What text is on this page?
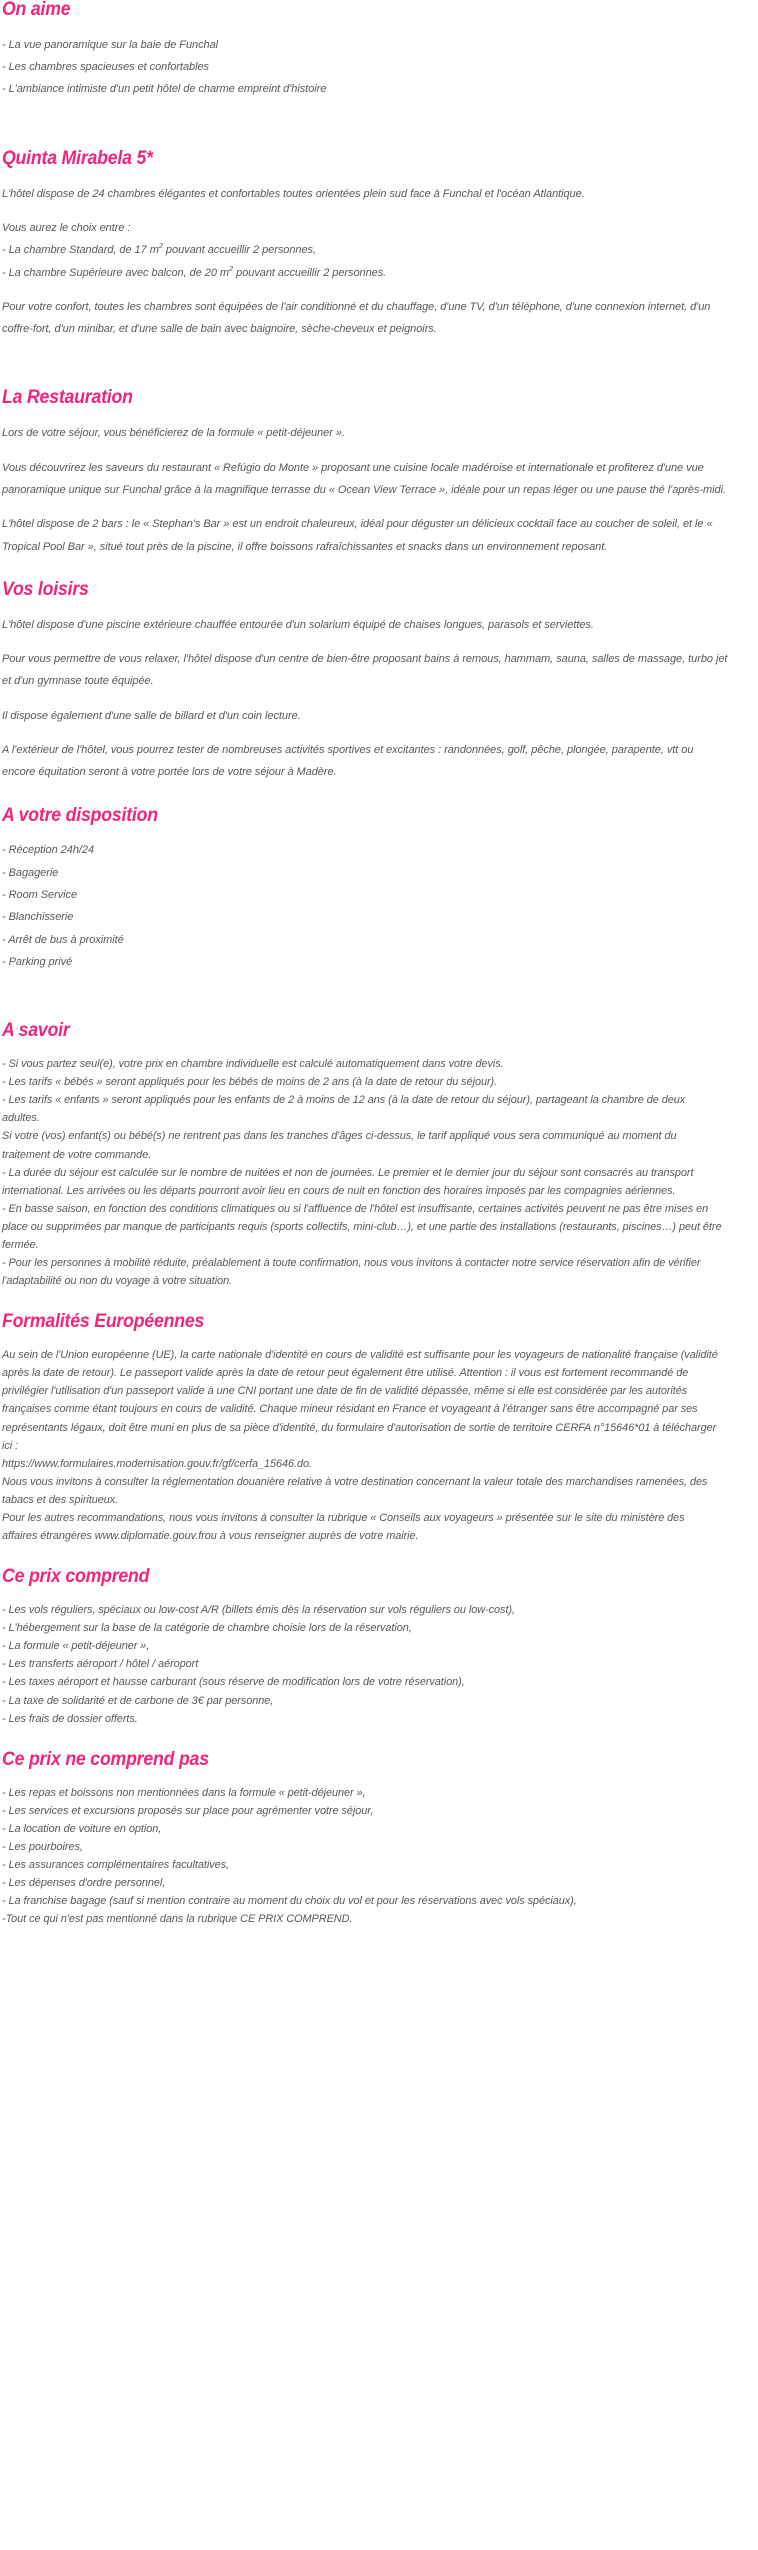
On aime
- La vue panoramique sur la baie de Funchal
- Les chambres spacieuses et confortables
- L'ambiance intimiste d'un petit hôtel de charme empreint d'histoire
Quinta Mirabela 5*
L'hôtel dispose de 24 chambres élégantes et confortables toutes orientées plein sud face à Funchal et l'océan Atlantique.
Vous aurez le choix entre :
- La chambre Standard, de 17 $m^2$ pouvant accueillir 2 personnes,
- La chambre Supérieure avec balcon, de 20 $m^2$ pouvant accueillir 2 personnes.
Pour votre confort, toutes les chambres sont équipées de l'air conditionné et du chauffage, d'une TV, d'un téléphone, d'une connexion internet, d'un coffre-fort, d'un minibar, et d'une salle de bain avec baignoire, sèche-cheveux et peignoirs.
La Restauration
Lors de votre séjour, vous bénéficierez de la formule « petit-déjeuner ».
Vous découvrirez les saveurs du restaurant « Refúgio do Monte » proposant une cuisine locale madéroise et internationale et profiterez d'une vue panoramique unique sur Funchal grâce à la magnifique terrasse du « Ocean View Terrace », idéale pour un repas léger ou une pause thé l'après-midi.
L'hôtel dispose de 2 bars : le « Stephan's Bar » est un endroit chaleureux, idéal pour déguster un délicieux cocktail face au coucher de soleil, et le « Tropical Pool Bar », situé tout près de la piscine, il offre boissons rafraîchissantes et snacks dans un environnement reposant.
Vos loisirs
L'hôtel dispose d'une piscine extérieure chauffée entourée d'un solarium équipé de chaises longues, parasols et serviettes.
Pour vous permettre de vous relaxer, l'hôtel dispose d'un centre de bien-être proposant bains à remous, hammam, sauna, salles de massage, turbo jet et d'un gymnase toute équipée.
Il dispose également d'une salle de billard et d'un coin lecture.
A l'extérieur de l'hôtel, vous pourrez tester de nombreuses activités sportives et excitantes : randonnées, golf, pêche, plongée, parapente, vtt ou encore équitation seront à votre portée lors de votre séjour à Madère.
A votre disposition
- Réception 24h/24
- Bagagerie
- Room Service
- Blanchisserie
- Arrêt de bus à proximité
- Parking privé
A savoir
- Si vous partez seul(e), votre prix en chambre individuelle est calculé automatiquement dans votre devis.
- Les tarifs « bébés » seront appliqués pour les bébés de moins de 2 ans (à la date de retour du séjour).
- Les tarifs « enfants » seront appliqués pour les enfants de 2 à moins de 12 ans (à la date de retour du séjour), partageant la chambre de deux adultes.
Si votre (vos) enfant(s) ou bébé(s) ne rentrent pas dans les tranches d'âges ci-dessus, le tarif appliqué vous sera communiqué au moment du traitement de votre commande.
- La durée du séjour est calculée sur le nombre de nuitées et non de journées. Le premier et le dernier jour du séjour sont consacrés au transport international. Les arrivées ou les départs pourront avoir lieu en cours de nuit en fonction des horaires imposés par les compagnies aériennes.
- En basse saison, en fonction des conditions climatiques ou si l'affluence de l'hôtel est insuffisante, certaines activités peuvent ne pas être mises en place ou supprimées par manque de participants requis (sports collectifs, mini-club…), et une partie des installations (restaurants, piscines…) peut être fermée.
- Pour les personnes à mobilité réduite, préalablement à toute confirmation, nous vous invitons à contacter notre service réservation afin de vérifier l'adaptabilité ou non du voyage à votre situation.
Formalités Européennes
Au sein de l'Union européenne (UE), la carte nationale d'identité en cours de validité est suffisante pour les voyageurs de nationalité française (validité après la date de retour). Le passeport valide après la date de retour peut également être utilisé. Attention : il vous est fortement recommandé de privilégier l'utilisation d'un passeport valide à une CNI portant une date de fin de validité dépassée, même si elle est considérée par les autorités françaises comme étant toujours en cours de validité. Chaque mineur résidant en France et voyageant à l'étranger sans être accompagné par ses représentants légaux, doit être muni en plus de sa pièce d'identité, du formulaire d'autorisation de sortie de territoire CERFA n°15646*01 à télécharger ici :
https://www.formulaires.modernisation.gouv.fr/gf/cerfa_15646.do.
Nous vous invitons à consulter la réglementation douanière relative à votre destination concernant la valeur totale des marchandises ramenées, des tabacs et des spiritueux.
Pour les autres recommandations, nous vous invitons à consulter la rubrique « Conseils aux voyageurs » présentée sur le site du ministère des affaires étrangères www.diplomatie.gouv.frou à vous renseigner auprès de votre mairie.
Ce prix comprend
- Les vols réguliers, spéciaux ou low-cost A/R (billets émis dès la réservation sur vols réguliers ou low-cost),
- L'hébergement sur la base de la catégorie de chambre choisie lors de la réservation,
- La formule « petit-déjeuner »,
- Les transferts aéroport / hôtel / aéroport
- Les taxes aéroport et hausse carburant (sous réserve de modification lors de votre réservation),
- La taxe de solidarité et de carbone de 3€ par personne,
- Les frais de dossier offerts.
Ce prix ne comprend pas
- Les repas et boissons non mentionnées dans la formule « petit-déjeuner »,
- Les services et excursions proposés sur place pour agrémenter votre séjour,
- La location de voiture en option,
- Les pourboires,
- Les assurances complémentaires facultatives,
- Les dépenses d'ordre personnel,
- La franchise bagage (sauf si mention contraire au moment du choix du vol et pour les réservations avec vols spéciaux),
-Tout ce qui n'est pas mentionné dans la rubrique CE PRIX COMPREND.
